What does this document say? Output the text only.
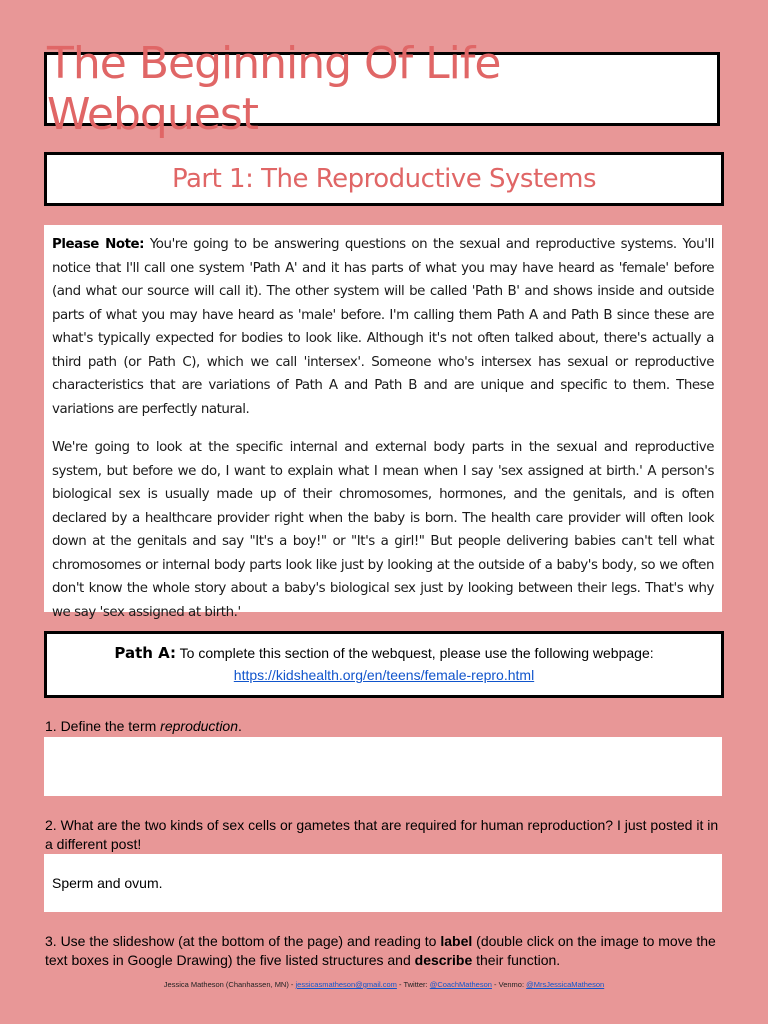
The Beginning Of Life Webquest
Part 1: The Reproductive Systems

Please Note: You're going to be answering questions on the sexual and reproductive systems. You'll notice that I'll call one system 'Path A' and it has parts of what you may have heard as 'female' before (and what our source will call it). The other system will be called 'Path B' and shows inside and outside parts of what you may have heard as 'male' before. I'm calling them Path A and Path B since these are what's typically expected for bodies to look like. Although it's not often talked about, there's actually a third path (or Path C), which we call 'intersex'. Someone who's intersex has sexual or reproductive characteristics that are variations of Path A and Path B and are unique and specific to them. These variations are perfectly natural.

We're going to look at the specific internal and external body parts in the sexual and reproductive system, but before we do, I want to explain what I mean when I say 'sex assigned at birth.' A person's biological sex is usually made up of their chromosomes, hormones, and the genitals, and is often declared by a healthcare provider right when the baby is born. The health care provider will often look down at the genitals and say "It's a boy!" or "It's a girl!" But people delivering babies can't tell what chromosomes or internal body parts look like just by looking at the outside of a baby's body, so we often don't know the whole story about a baby's biological sex just by looking between their legs. That's why we say 'sex assigned at birth.'

Path A: To complete this section of the webquest, please use the following webpage:
https://kidshealth.org/en/teens/female-repro.html
1. Define the term reproduction.
2. What are the two kinds of sex cells or gametes that are required for human reproduction? I just posted it in a different post!
Sperm and ovum.
3. Use the slideshow (at the bottom of the page) and reading to label (double click on the image to move the text boxes in Google Drawing) the five listed structures and describe their function.
Jessica Matheson (Chanhassen, MN) - jessicasmatheson@gmail.com - Twitter: @CoachMatheson - Venmo: @MrsJessicaMatheson
